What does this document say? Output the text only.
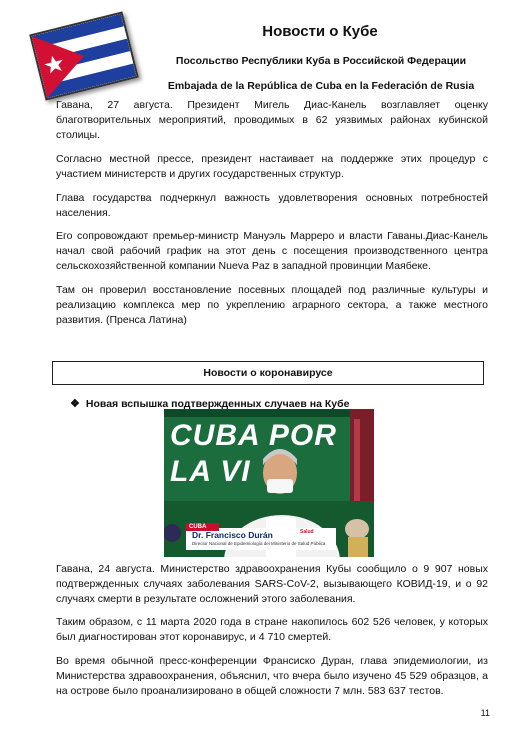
Новости о Кубе
Посольство Республики Куба в Российской Федерации
Embajada de la República de Cuba en la Federación de Rusia

Гавана, 27 августа. Президент Мигель Диас-Канель возглавляет оценку благотворительных мероприятий, проводимых в 62 уязвимых районах кубинской столицы.

Согласно местной прессе, президент настаивает на поддержке этих процедур с участием министерств и других государственных структур.

Глава государства подчеркнул важность удовлетворения основных потребностей населения.

Его сопровождают премьер-министр Мануэль Марреро и власти Гаваны.Диас-Канель начал свой рабочий график на этот день с посещения производственного центра сельскохозяйственной компании Nueva Paz в западной провинции Маябеке.

Там он проверил восстановление посевных площадей под различные культуры и реализацию комплекса мер по укреплению аграрного сектора, а также местного развития. (Пренса Латина)

Новости о коронавирусе
❖ Новая вспышка подтвержденных случаев на Кубе
CUBA POR
LA VI
CUBA
Dr. Francisco Durán
Director Nacional de Epidemiología del Ministerio de Salud Pública
Salud

Гавана, 24 августа. Министерство здравоохранения Кубы сообщило о 9 907 новых подтвержденных случаях заболевания SARS-CoV-2, вызывающего КОВИД-19, и о 92 случаях смерти в результате осложнений этого заболевания.

Таким образом, с 11 марта 2020 года в стране накопилось 602 526 человек, у которых был диагностирован этот коронавирус, и 4 710 смертей.

Во время обычной пресс-конференции Франсиско Дуран, глава эпидемиологии, из Министерства здравоохранения, объяснил, что вчера было изучено 45 529 образцов, а на острове было проанализировано в общей сложности 7 млн. 583 637 тестов.

11
